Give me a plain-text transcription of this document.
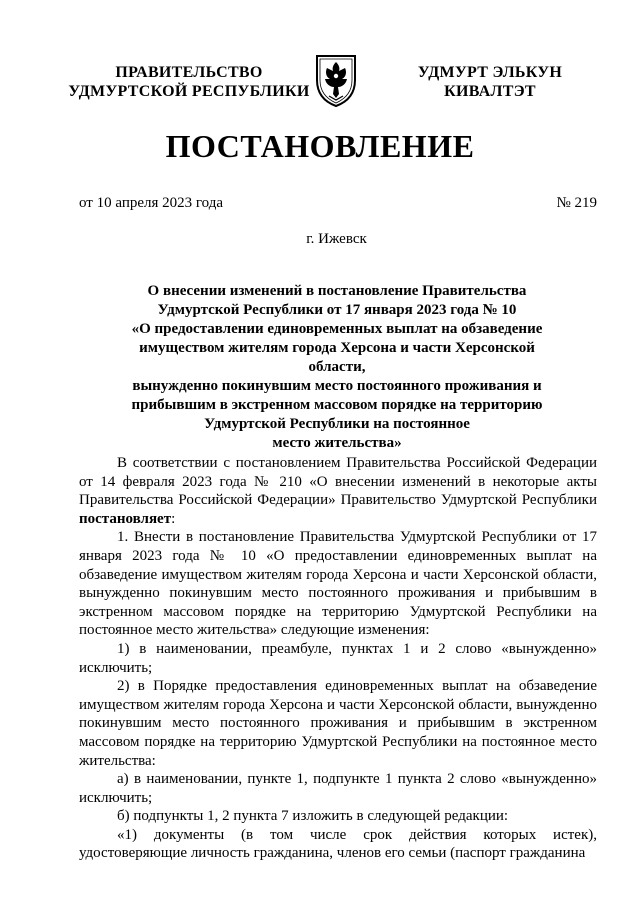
ПРАВИТЕЛЬСТВО
УДМУРТСКОЙ РЕСПУБЛИКИ
УДМУРТ ЭЛЬКУН
КИВАЛТЭТ
ПОСТАНОВЛЕНИЕ
от 10 апреля 2023 года	№ 219
г. Ижевск
О внесении изменений в постановление Правительства
Удмуртской Республики от 17 января 2023 года № 10
«О предоставлении единовременных выплат на обзаведение
имуществом жителям города Херсона и части Херсонской области,
вынужденно покинувшим место постоянного проживания и
прибывшим в экстренном массовом порядке на территорию
Удмуртской Республики на постоянное
место жительства»

В соответствии с постановлением Правительства Российской Федерации от 14 февраля 2023 года № 210 «О внесении изменений в некоторые акты Правительства Российской Федерации» Правительство Удмуртской Республики постановляет:

1. Внести в постановление Правительства Удмуртской Республики от 17 января 2023 года № 10 «О предоставлении единовременных выплат на обзаведение имуществом жителям города Херсона и части Херсонской области, вынужденно покинувшим место постоянного проживания и прибывшим в экстренном массовом порядке на территорию Удмуртской Республики на постоянное место жительства» следующие изменения:

1) в наименовании, преамбуле, пунктах 1 и 2 слово «вынужденно» исключить;

2) в Порядке предоставления единовременных выплат на обзаведение имуществом жителям города Херсона и части Херсонской области, вынужденно покинувшим место постоянного проживания и прибывшим в экстренном массовом порядке на территорию Удмуртской Республики на постоянное место жительства:

а) в наименовании, пункте 1, подпункте 1 пункта 2 слово «вынужденно» исключить;

б) подпункты 1, 2 пункта 7 изложить в следующей редакции:

«1) документы (в том числе срок действия которых истек), удостоверяющие личность гражданина, членов его семьи (паспорт гражданина
